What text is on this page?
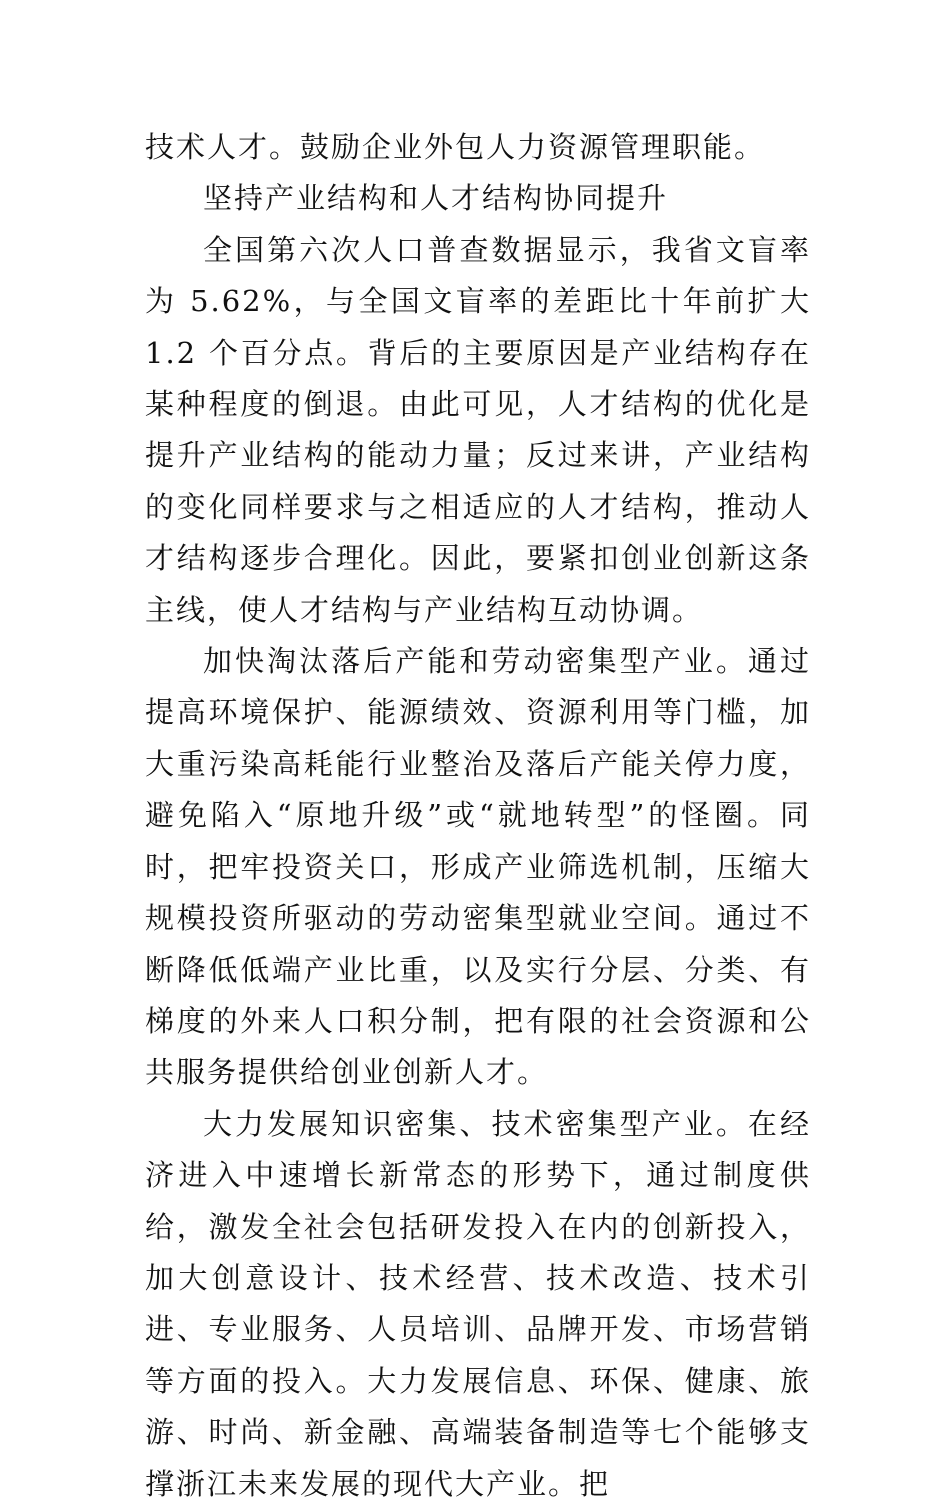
技术人才。鼓励企业外包人力资源管理职能。

坚持产业结构和人才结构协同提升

全国第六次人口普查数据显示，我省文盲率为 5.62%，与全国文盲率的差距比十年前扩大 1.2 个百分点。背后的主要原因是产业结构存在某种程度的倒退。由此可见，人才结构的优化是提升产业结构的能动力量；反过来讲，产业结构的变化同样要求与之相适应的人才结构，推动人才结构逐步合理化。因此，要紧扣创业创新这条主线，使人才结构与产业结构互动协调。

加快淘汰落后产能和劳动密集型产业。通过提高环境保护、能源绩效、资源利用等门槛，加大重污染高耗能行业整治及落后产能关停力度，避免陷入“原地升级”或“就地转型”的怪圈。同时，把牢投资关口，形成产业筛选机制，压缩大规模投资所驱动的劳动密集型就业空间。通过不断降低低端产业比重，以及实行分层、分类、有梯度的外来人口积分制，把有限的社会资源和公共服务提供给创业创新人才。

大力发展知识密集、技术密集型产业。在经济进入中速增长新常态的形势下，通过制度供给，激发全社会包括研发投入在内的创新投入，加大创意设计、技术经营、技术改造、技术引进、专业服务、人员培训、品牌开发、市场营销等方面的投入。大力发展信息、环保、健康、旅游、时尚、新金融、高端装备制造等七个能够支撑浙江未来发展的现代大产业。把
